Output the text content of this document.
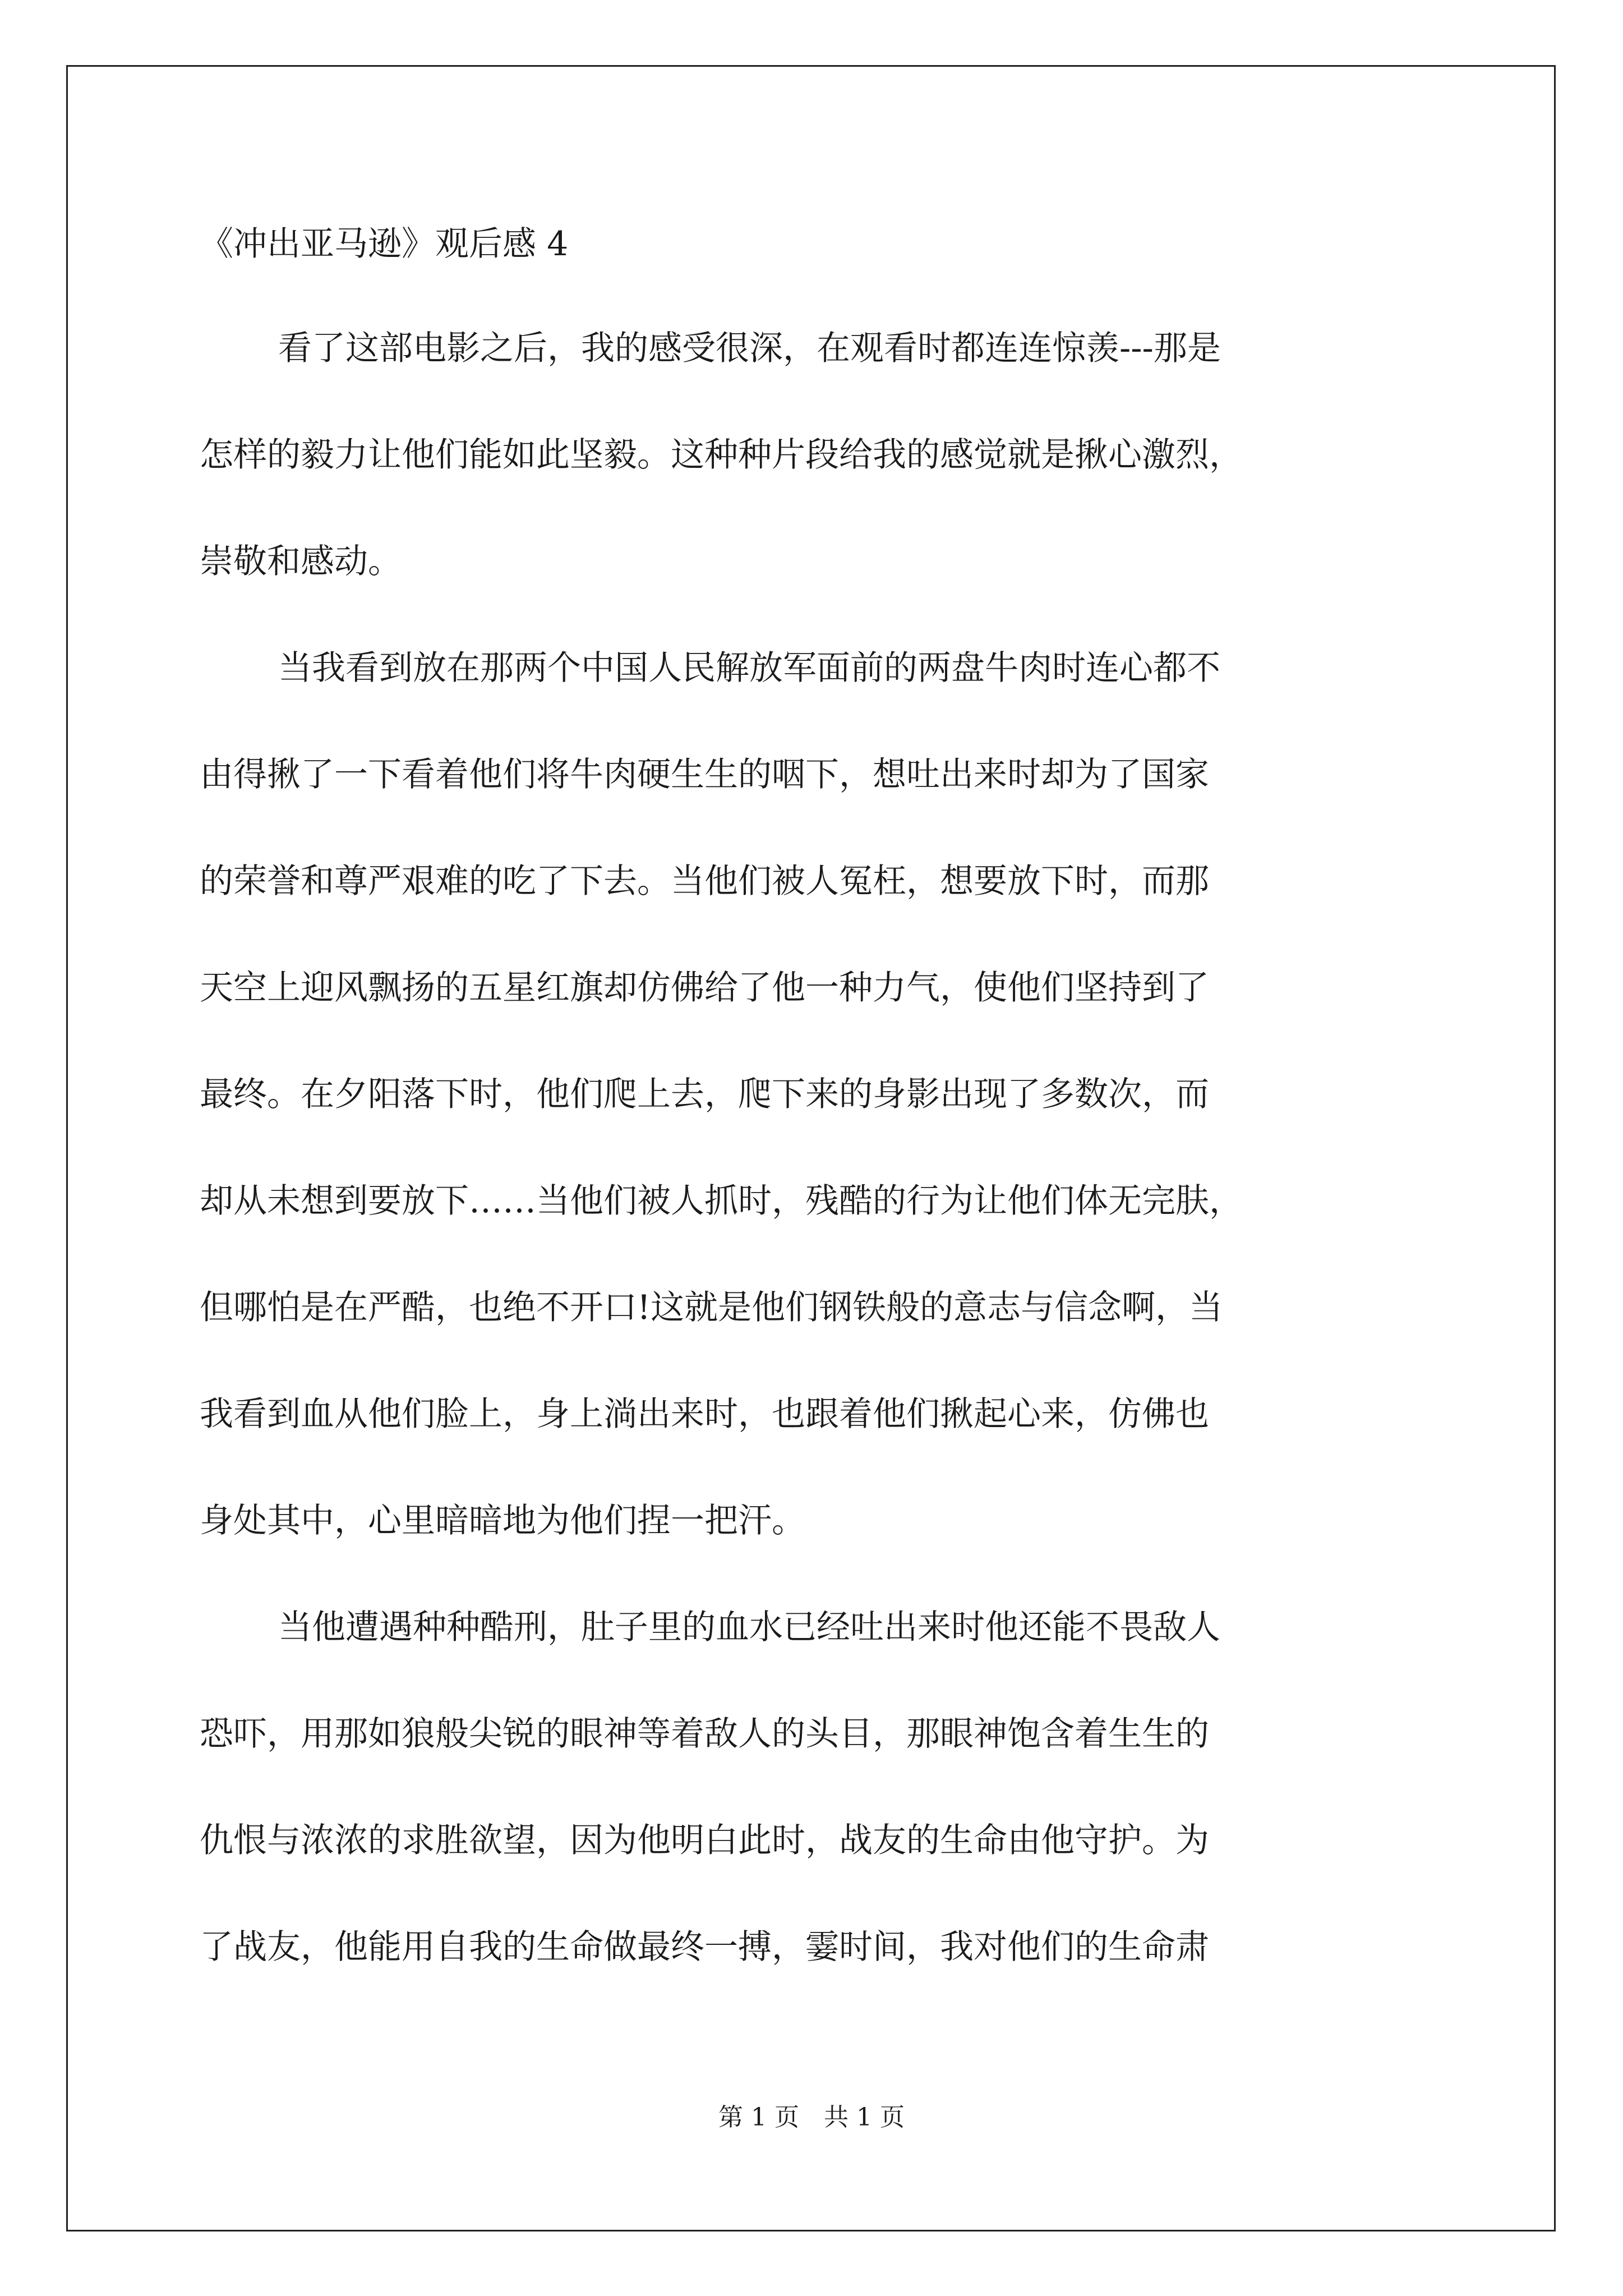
《冲出亚马逊》观后感 4
看了这部电影之后，我的感受很深，在观看时都连连惊羡---那是
怎样的毅力让他们能如此坚毅。这种种片段给我的感觉就是揪心激烈，
崇敬和感动。
当我看到放在那两个中国人民解放军面前的两盘牛肉时连心都不
由得揪了一下看着他们将牛肉硬生生的咽下，想吐出来时却为了国家
的荣誉和尊严艰难的吃了下去。当他们被人冤枉，想要放下时，而那
天空上迎风飘扬的五星红旗却仿佛给了他一种力气，使他们坚持到了
最终。在夕阳落下时，他们爬上去，爬下来的身影出现了多数次，而
却从未想到要放下……当他们被人抓时，残酷的行为让他们体无完肤，
但哪怕是在严酷，也绝不开口!这就是他们钢铁般的意志与信念啊，当
我看到血从他们脸上，身上淌出来时，也跟着他们揪起心来，仿佛也
身处其中，心里暗暗地为他们捏一把汗。
当他遭遇种种酷刑，肚子里的血水已经吐出来时他还能不畏敌人
恐吓，用那如狼般尖锐的眼神等着敌人的头目，那眼神饱含着生生的
仇恨与浓浓的求胜欲望，因为他明白此时，战友的生命由他守护。为
了战友，他能用自我的生命做最终一搏，霎时间，我对他们的生命肃
第 1 页 共 1 页
